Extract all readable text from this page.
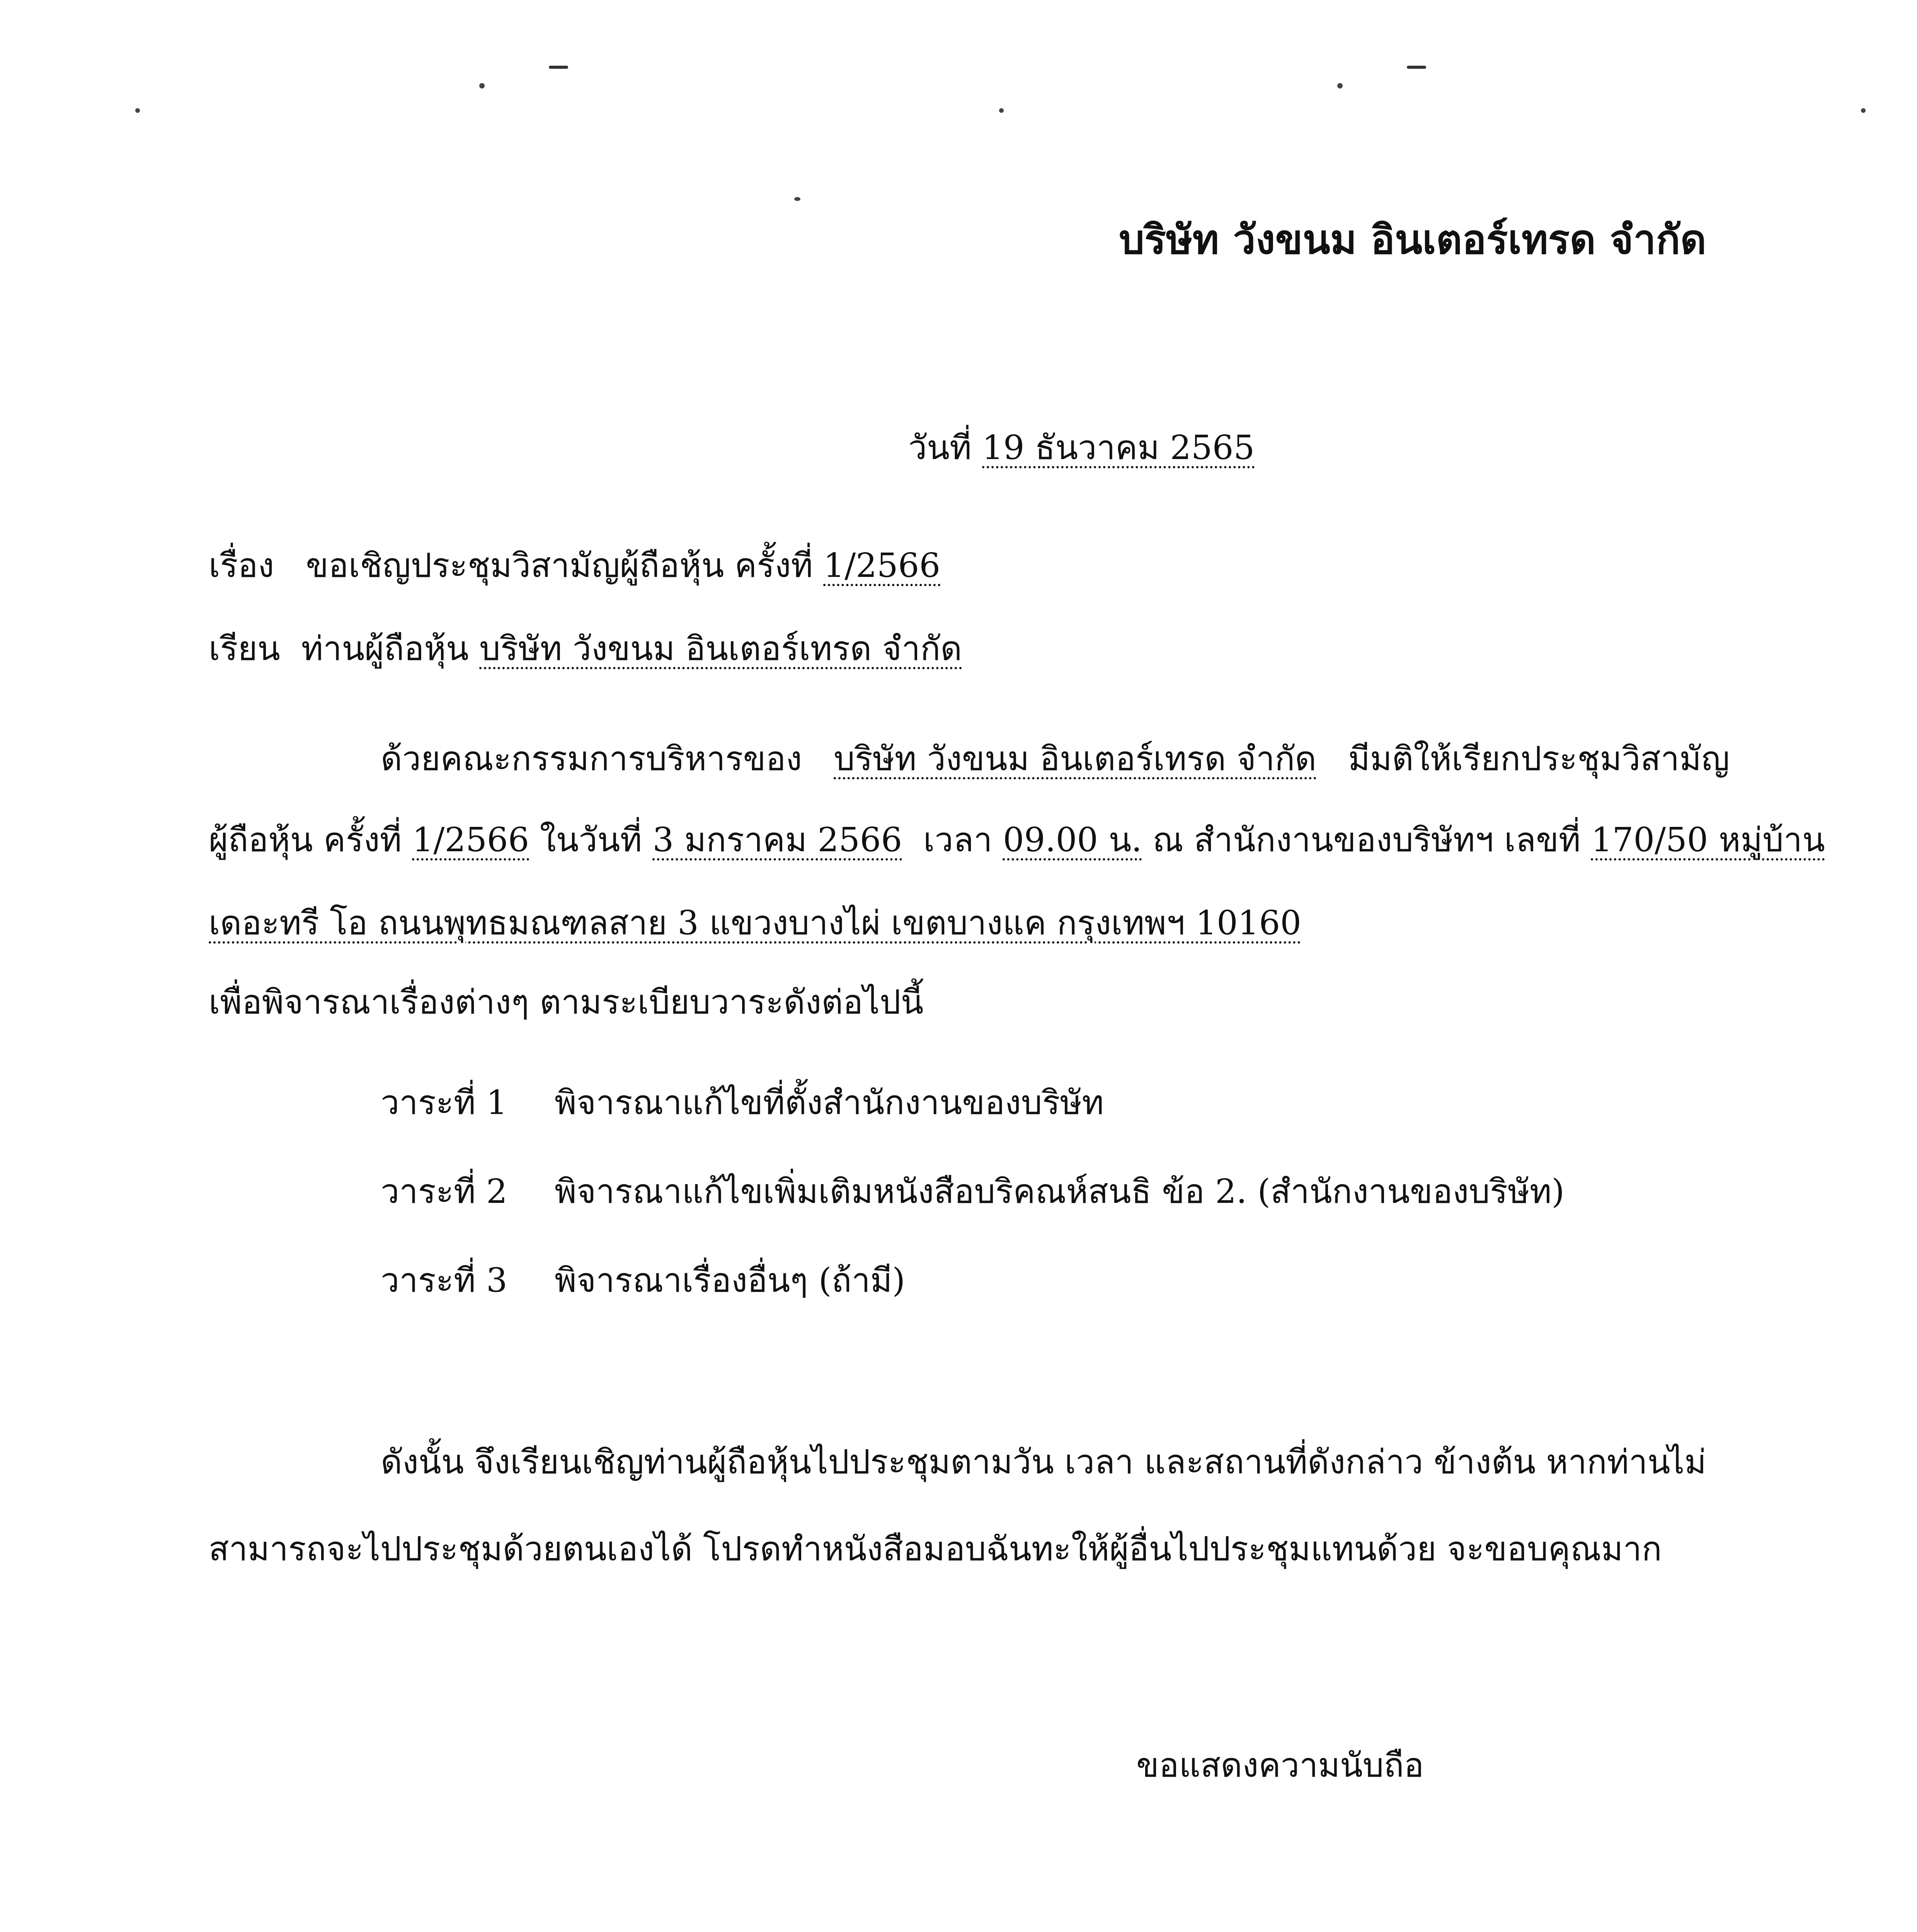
บริษัท วังขนม อินเตอร์เทรด จำกัด
วันที่ 19 ธันวาคม 2565
เรื่อง ขอเชิญประชุมวิสามัญผู้ถือหุ้น ครั้งที่ 1/2566
เรียน ท่านผู้ถือหุ้น บริษัท วังขนม อินเตอร์เทรด จำกัด
ด้วยคณะกรรมการบริหารของ บริษัท วังขนม อินเตอร์เทรด จำกัด มีมติให้เรียกประชุมวิสามัญ
ผู้ถือหุ้น ครั้งที่ 1/2566 ในวันที่ 3 มกราคม 2566 เวลา 09.00 น. ณ สำนักงานของบริษัทฯ เลขที่ 170/50 หมู่บ้าน
เดอะทรี โอ ถนนพุทธมณฑลสาย 3 แขวงบางไผ่ เขตบางแค กรุงเทพฯ 10160
เพื่อพิจารณาเรื่องต่างๆ ตามระเบียบวาระดังต่อไปนี้
วาระที่ 1 พิจารณาแก้ไขที่ตั้งสำนักงานของบริษัท
วาระที่ 2 พิจารณาแก้ไขเพิ่มเติมหนังสือบริคณห์สนธิ ข้อ 2. (สำนักงานของบริษัท)
วาระที่ 3 พิจารณาเรื่องอื่นๆ (ถ้ามี)
ดังนั้น จึงเรียนเชิญท่านผู้ถือหุ้นไปประชุมตามวัน เวลา และสถานที่ดังกล่าว ข้างต้น หากท่าน
ไม่
สามารถจะไปประชุมด้วยตนเองได้ โปรดทำหนังสือมอบฉันทะให้ผู้อื่นไปประชุมแทนด้วย จะขอบคุณมาก
ขอแสดงความนับถือ
